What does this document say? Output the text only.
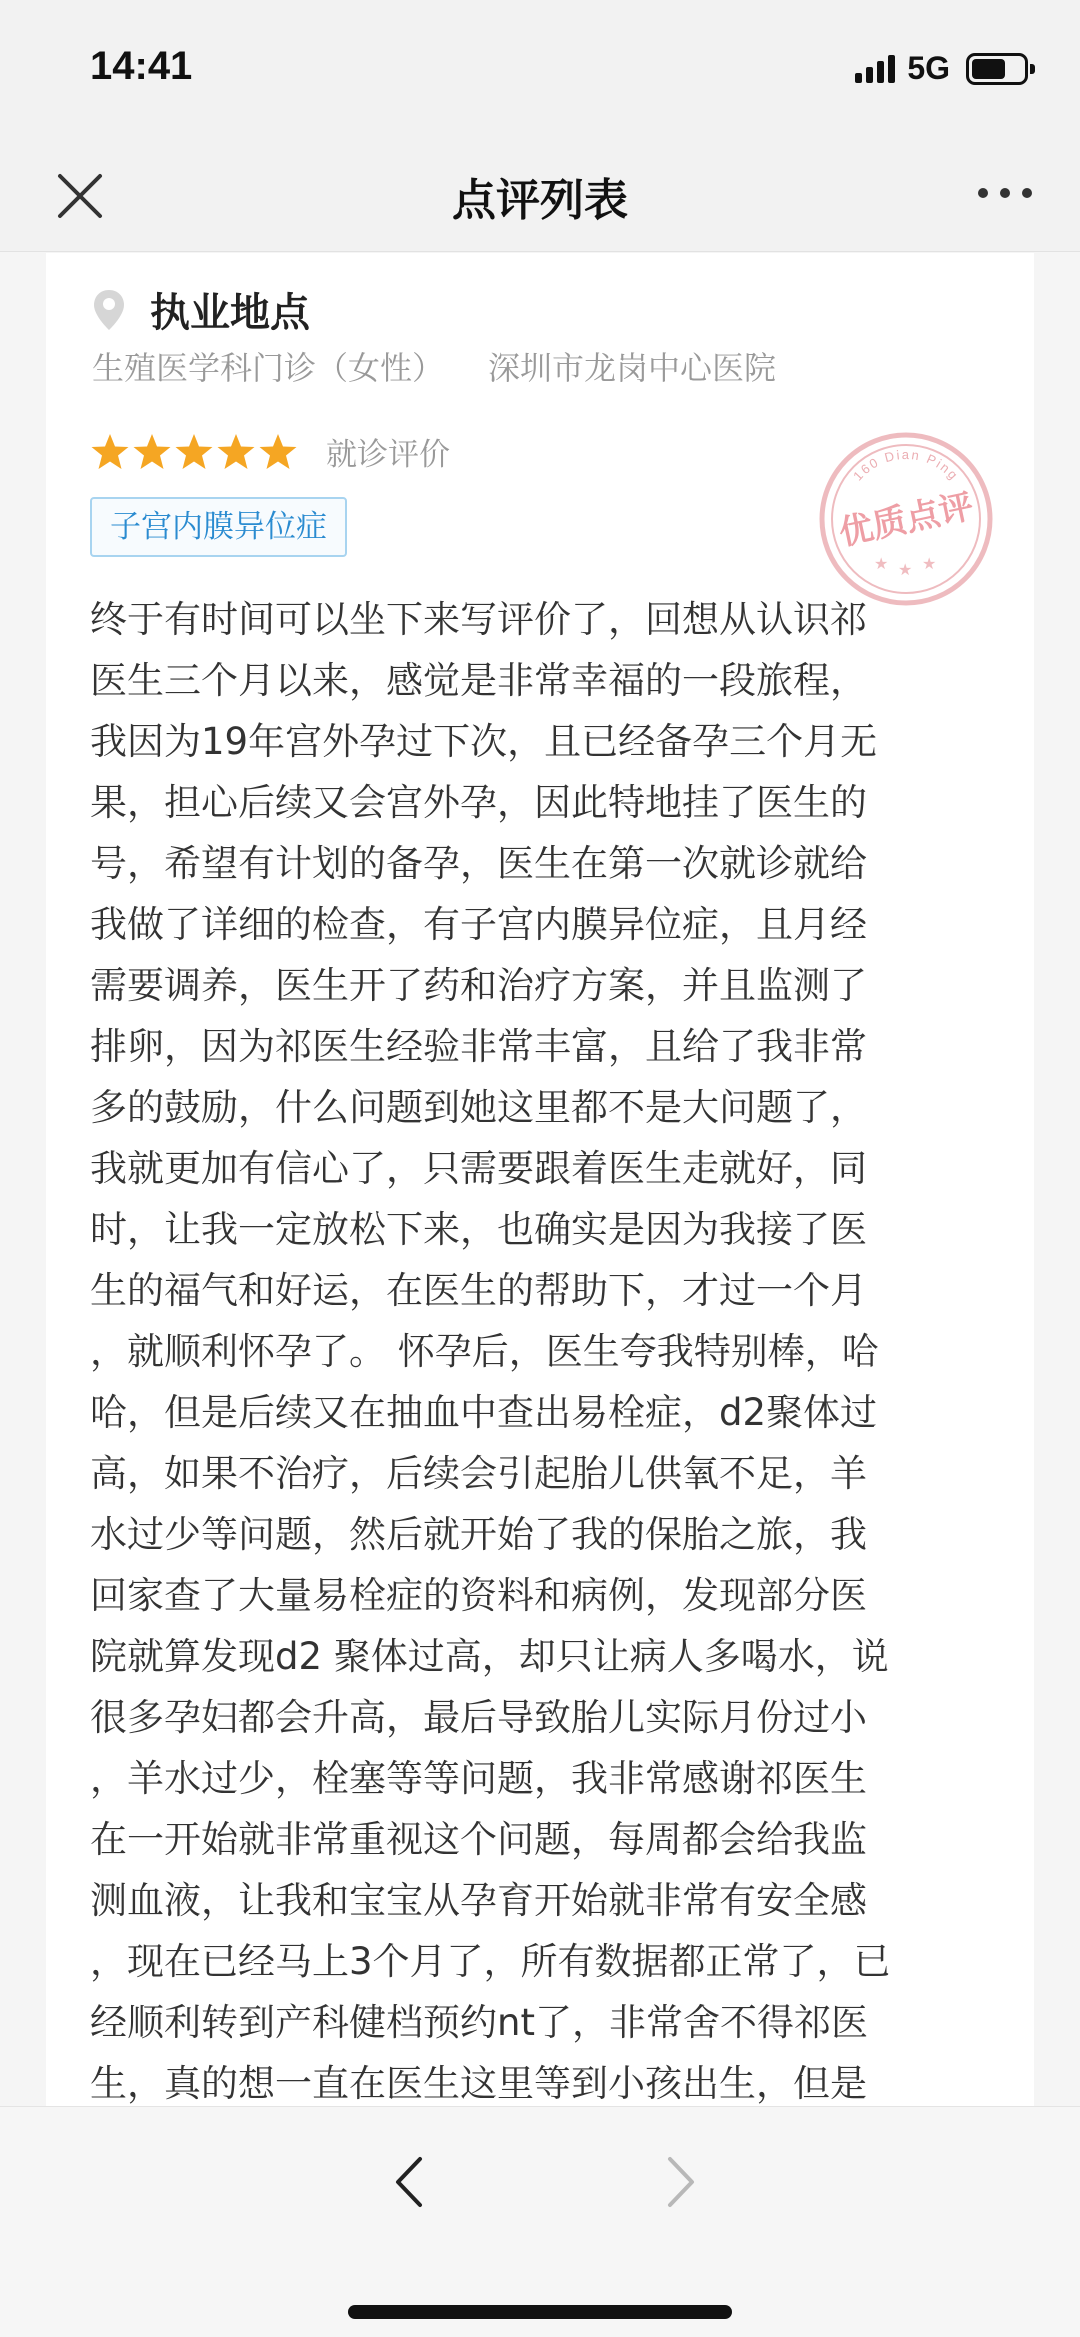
14:41	5G
点评列表
执业地点
生殖医学科门诊（女性） 深圳市龙岗中心医院
就诊评价
子宫内膜异位症
160 Dian Ping
优质点评
★ ★ ★
终于有时间可以坐下来写评价了，回想从认识祁
医生三个月以来，感觉是非常幸福的一段旅程，
我因为19年宫外孕过下次，且已经备孕三个月无
果，担心后续又会宫外孕，因此特地挂了医生的
号，希望有计划的备孕，医生在第一次就诊就给
我做了详细的检查，有子宫内膜异位症，且月经
需要调养，医生开了药和治疗方案，并且监测了
排卵，因为祁医生经验非常丰富，且给了我非常
多的鼓励，什么问题到她这里都不是大问题了，
我就更加有信心了，只需要跟着医生走就好，同
时，让我一定放松下来，也确实是因为我接了医
生的福气和好运，在医生的帮助下，才过一个月
，就顺利怀孕了。 怀孕后，医生夸我特别棒，哈
哈，但是后续又在抽血中查出易栓症，d2聚体过
高，如果不治疗，后续会引起胎儿供氧不足，羊
水过少等问题，然后就开始了我的保胎之旅，我
回家查了大量易栓症的资料和病例，发现部分医
院就算发现d2 聚体过高，却只让病人多喝水，说
很多孕妇都会升高，最后导致胎儿实际月份过小
，羊水过少，栓塞等等问题，我非常感谢祁医生
在一开始就非常重视这个问题，每周都会给我监
测血液，让我和宝宝从孕育开始就非常有安全感
，现在已经马上3个月了，所有数据都正常了，已
经顺利转到产科健档预约nt了，非常舍不得祁医
生，真的想一直在医生这里等到小孩出生，但是
